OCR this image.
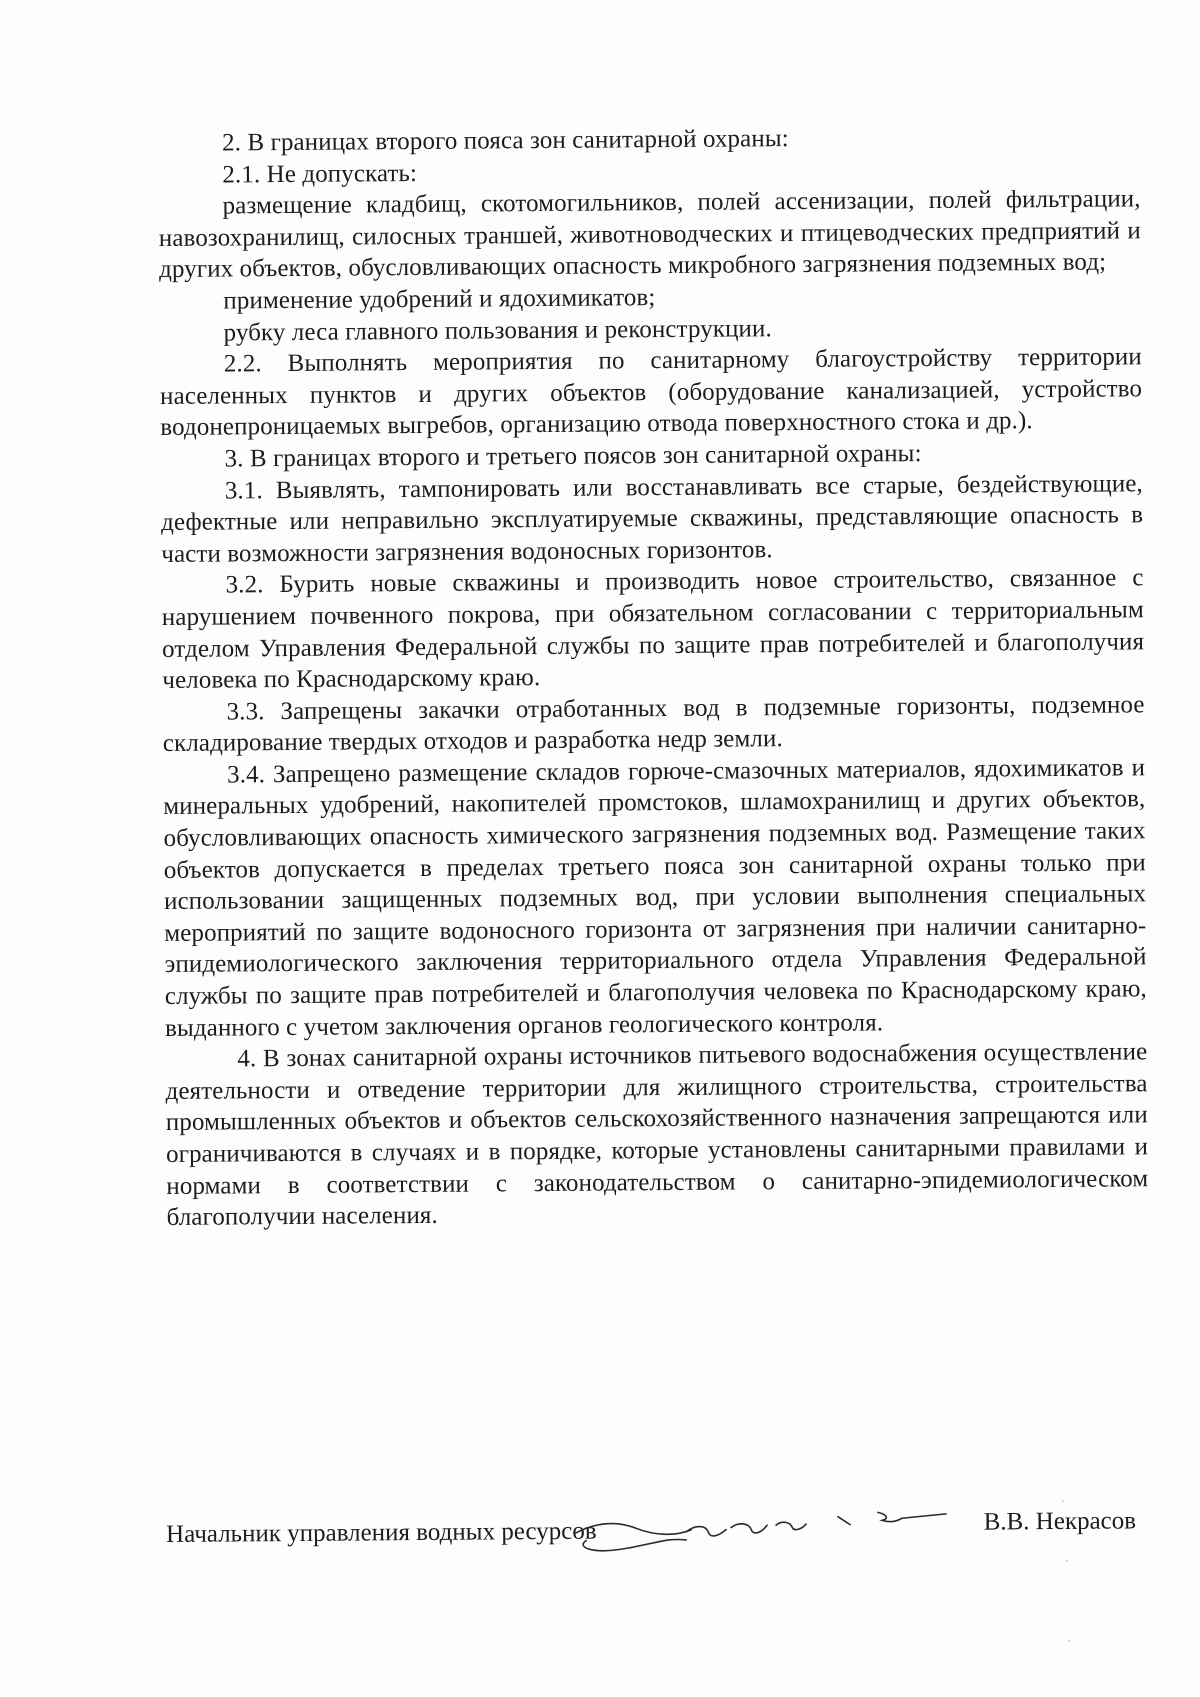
2. В границах второго пояса зон санитарной охраны:

2.1. Не допускать:

размещение кладбищ, скотомогильников, полей ассенизации, полей фильтрации, навозохранилищ, силосных траншей, животноводческих и птицеводческих предприятий и других объектов, обусловливающих опасность микробного загрязнения подземных вод;

применение удобрений и ядохимикатов;

рубку леса главного пользования и реконструкции.

2.2. Выполнять мероприятия по санитарному благоустройству территории населенных пунктов и других объектов (оборудование канализацией, устройство водонепроницаемых выгребов, организацию отвода поверхностного стока и др.).

3. В границах второго и третьего поясов зон санитарной охраны:

3.1. Выявлять, тампонировать или восстанавливать все старые, бездействующие, дефектные или неправильно эксплуатируемые скважины, представляющие опасность в части возможности загрязнения водоносных горизонтов.

3.2. Бурить новые скважины и производить новое строительство, связанное с нарушением почвенного покрова, при обязательном согласовании с территориальным отделом Управления Федеральной службы по защите прав потребителей и благополучия человека по Краснодарскому краю.

3.3. Запрещены закачки отработанных вод в подземные горизонты, подземное складирование твердых отходов и разработка недр земли.

3.4. Запрещено размещение складов горюче-смазочных материалов, ядохимикатов и минеральных удобрений, накопителей промстоков, шламохранилищ и других объектов, обусловливающих опасность химического загрязнения подземных вод. Размещение таких объектов допускается в пределах третьего пояса зон санитарной охраны только при использовании защищенных подземных вод, при условии выполнения специальных мероприятий по защите водоносного горизонта от загрязнения при наличии санитарно-эпидемиологического заключения территориального отдела Управления Федеральной службы по защите прав потребителей и благополучия человека по Краснодарскому краю, выданного с учетом заключения органов геологического контроля.

4. В зонах санитарной охраны источников питьевого водоснабжения осуществление деятельности и отведение территории для жилищного строительства, строительства промышленных объектов и объектов сельскохозяйственного назначения запрещаются или ограничиваются в случаях и в порядке, которые установлены санитарными правилами и нормами в соответствии с законодательством о санитарно-эпидемиологическом благополучии населения.

Начальник управления водных ресурсов	В.В. Некрасов
